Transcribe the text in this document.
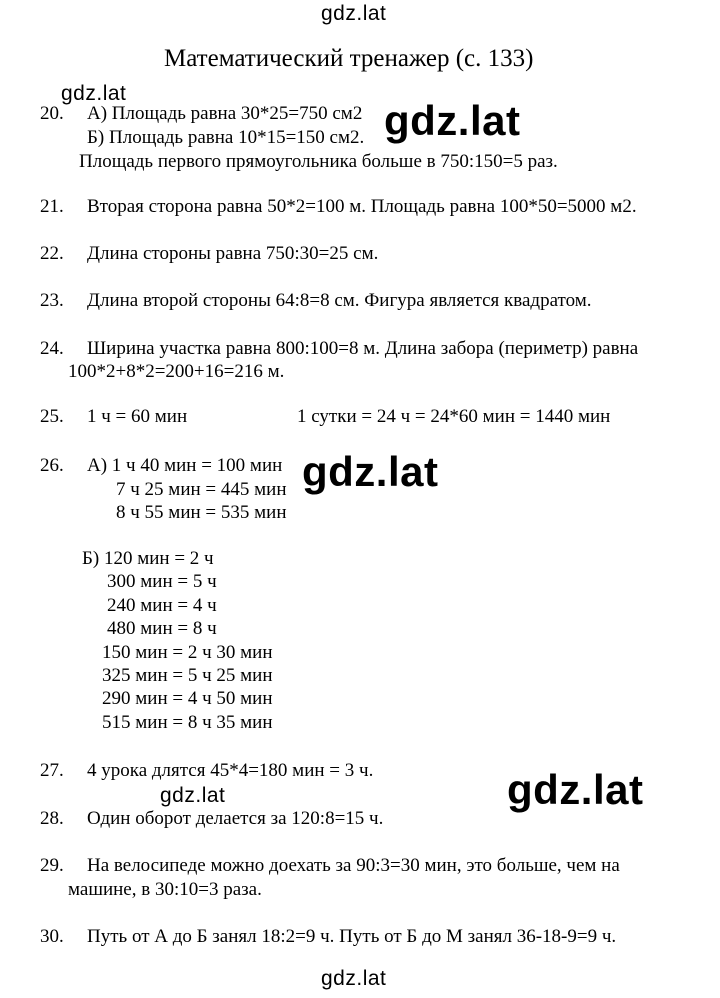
gdz.lat
gdz.lat
gdz.lat
gdz.lat
gdz.lat
gdz.lat
gdz.lat
Математический тренажер (с. 133)
20. А) Площадь равна 30*25=750 см2
Б) Площадь равна 10*15=150 см2.
Площадь первого прямоугольника больше в 750:150=5 раз.
21. Вторая сторона равна 50*2=100 м. Площадь равна 100*50=5000 м2.
22. Длина стороны равна 750:30=25 см.
23. Длина второй стороны 64:8=8 см. Фигура является квадратом.
24. Ширина участка равна 800:100=8 м. Длина забора (периметр) равна
100*2+8*2=200+16=216 м.
25. 1 ч = 60 мин	1 сутки = 24 ч = 24*60 мин = 1440 мин
26. А) 1 ч 40 мин = 100 мин
7 ч 25 мин = 445 мин
8 ч 55 мин = 535 мин
Б) 120 мин = 2 ч
300 мин = 5 ч
240 мин = 4 ч
480 мин = 8 ч
150 мин = 2 ч 30 мин
325 мин = 5 ч 25 мин
290 мин = 4 ч 50 мин
515 мин = 8 ч 35 мин
27. 4 урока длятся 45*4=180 мин = 3 ч.
28. Один оборот делается за 120:8=15 ч.
29. На велосипеде можно доехать за 90:3=30 мин, это больше, чем на
машине, в 30:10=3 раза.
30. Путь от А до Б занял 18:2=9 ч. Путь от Б до М занял 36-18-9=9 ч.
